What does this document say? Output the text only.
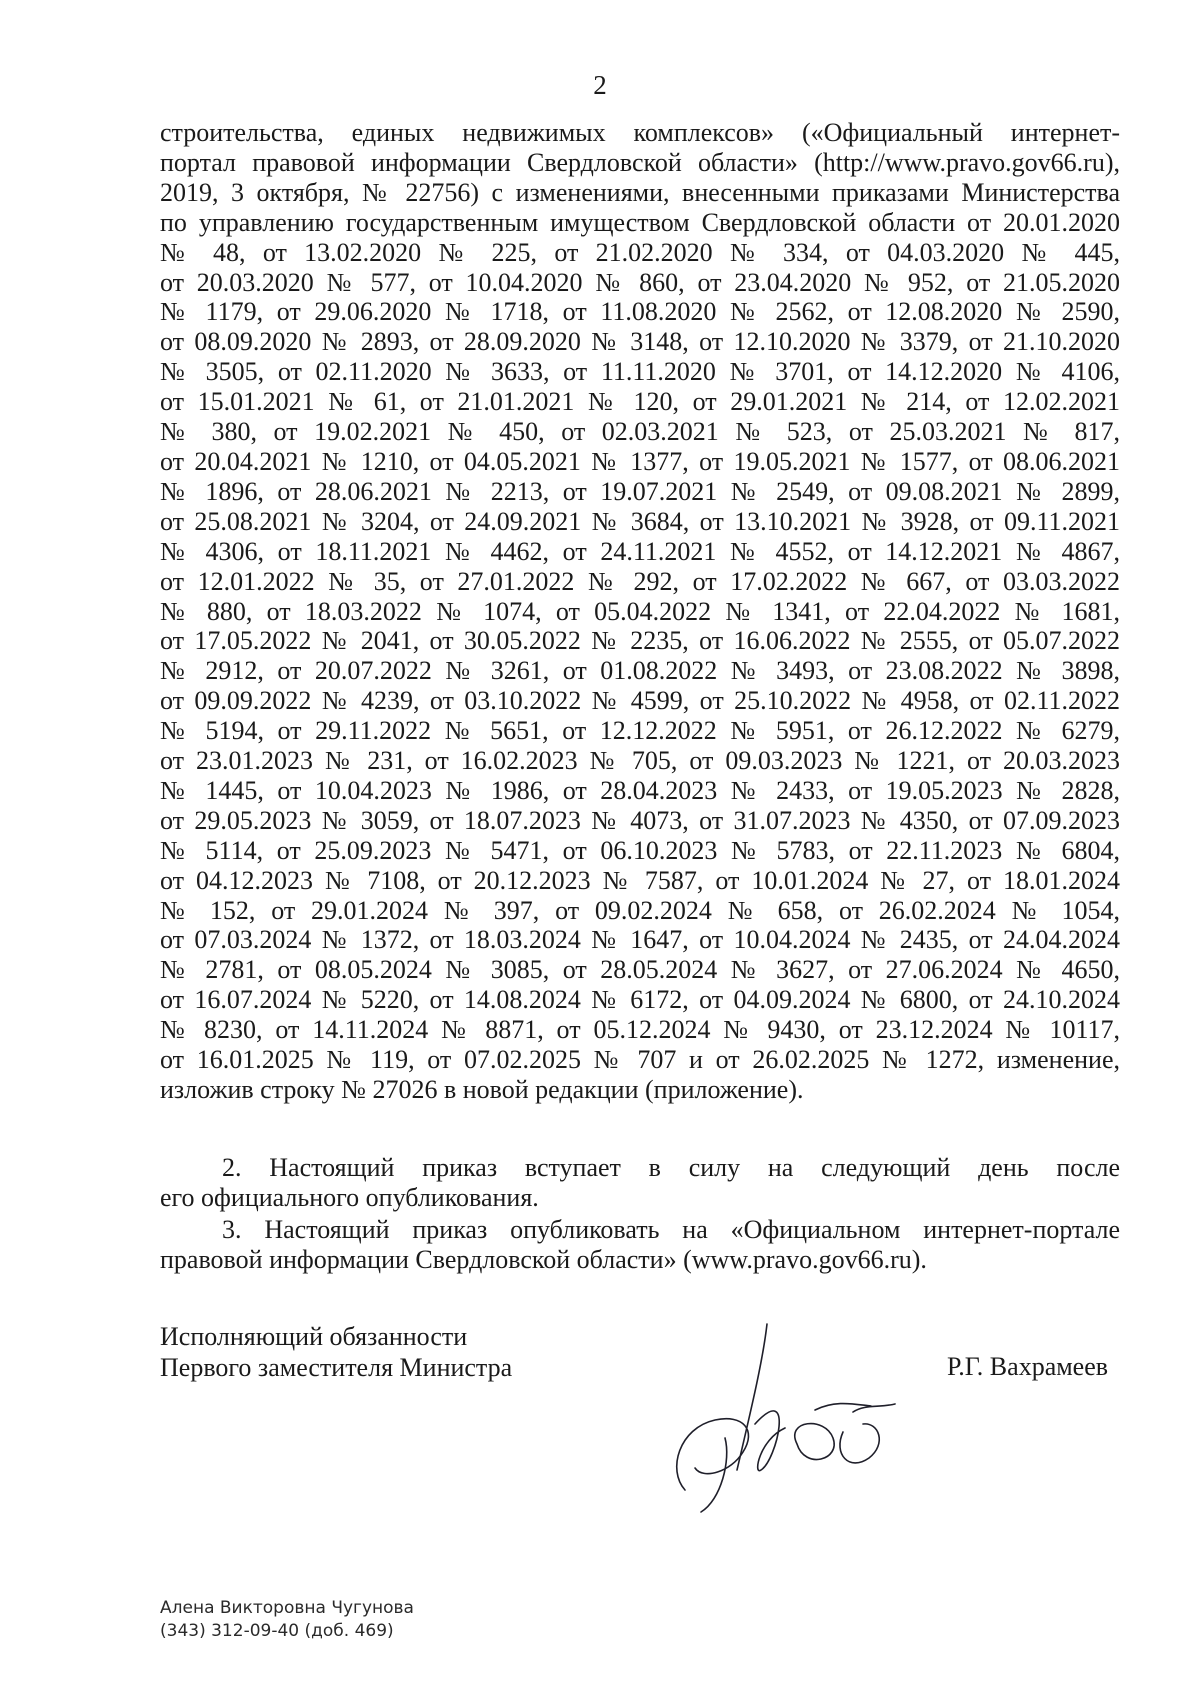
2
строительства, единых недвижимых комплексов» («Официальный интернет-
портал правовой информации Свердловской области» (http://www.pravo.gov66.ru),
2019, 3 октября, № 22756) с изменениями, внесенными приказами Министерства
по управлению государственным имуществом Свердловской области от 20.01.2020
№ 48, от 13.02.2020 № 225, от 21.02.2020 № 334, от 04.03.2020 № 445,
от 20.03.2020 № 577, от 10.04.2020 № 860, от 23.04.2020 № 952, от 21.05.2020
№ 1179, от 29.06.2020 № 1718, от 11.08.2020 № 2562, от 12.08.2020 № 2590,
от 08.09.2020 № 2893, от 28.09.2020 № 3148, от 12.10.2020 № 3379, от 21.10.2020
№ 3505, от 02.11.2020 № 3633, от 11.11.2020 № 3701, от 14.12.2020 № 4106,
от 15.01.2021 № 61, от 21.01.2021 № 120, от 29.01.2021 № 214, от 12.02.2021
№ 380, от 19.02.2021 № 450, от 02.03.2021 № 523, от 25.03.2021 № 817,
от 20.04.2021 № 1210, от 04.05.2021 № 1377, от 19.05.2021 № 1577, от 08.06.2021
№ 1896, от 28.06.2021 № 2213, от 19.07.2021 № 2549, от 09.08.2021 № 2899,
от 25.08.2021 № 3204, от 24.09.2021 № 3684, от 13.10.2021 № 3928, от 09.11.2021
№ 4306, от 18.11.2021 № 4462, от 24.11.2021 № 4552, от 14.12.2021 № 4867,
от 12.01.2022 № 35, от 27.01.2022 № 292, от 17.02.2022 № 667, от 03.03.2022
№ 880, от 18.03.2022 № 1074, от 05.04.2022 № 1341, от 22.04.2022 № 1681,
от 17.05.2022 № 2041, от 30.05.2022 № 2235, от 16.06.2022 № 2555, от 05.07.2022
№ 2912, от 20.07.2022 № 3261, от 01.08.2022 № 3493, от 23.08.2022 № 3898,
от 09.09.2022 № 4239, от 03.10.2022 № 4599, от 25.10.2022 № 4958, от 02.11.2022
№ 5194, от 29.11.2022 № 5651, от 12.12.2022 № 5951, от 26.12.2022 № 6279,
от 23.01.2023 № 231, от 16.02.2023 № 705, от 09.03.2023 № 1221, от 20.03.2023
№ 1445, от 10.04.2023 № 1986, от 28.04.2023 № 2433, от 19.05.2023 № 2828,
от 29.05.2023 № 3059, от 18.07.2023 № 4073, от 31.07.2023 № 4350, от 07.09.2023
№ 5114, от 25.09.2023 № 5471, от 06.10.2023 № 5783, от 22.11.2023 № 6804,
от 04.12.2023 № 7108, от 20.12.2023 № 7587, от 10.01.2024 № 27, от 18.01.2024
№ 152, от 29.01.2024 № 397, от 09.02.2024 № 658, от 26.02.2024 № 1054,
от 07.03.2024 № 1372, от 18.03.2024 № 1647, от 10.04.2024 № 2435, от 24.04.2024
№ 2781, от 08.05.2024 № 3085, от 28.05.2024 № 3627, от 27.06.2024 № 4650,
от 16.07.2024 № 5220, от 14.08.2024 № 6172, от 04.09.2024 № 6800, от 24.10.2024
№ 8230, от 14.11.2024 № 8871, от 05.12.2024 № 9430, от 23.12.2024 № 10117,
от 16.01.2025 № 119, от 07.02.2025 № 707 и от 26.02.2025 № 1272, изменение,
изложив строку № 27026 в новой редакции (приложение).
2. Настоящий приказ вступает в силу на следующий день после
его официального опубликования.
3. Настоящий приказ опубликовать на «Официальном интернет-портале
правовой информации Свердловской области» (www.pravo.gov66.ru).
Исполняющий обязанности
Первого заместителя Министра	Р.Г. Вахрамеев
Алена Викторовна Чугунова
(343) 312-09-40 (доб. 469)
